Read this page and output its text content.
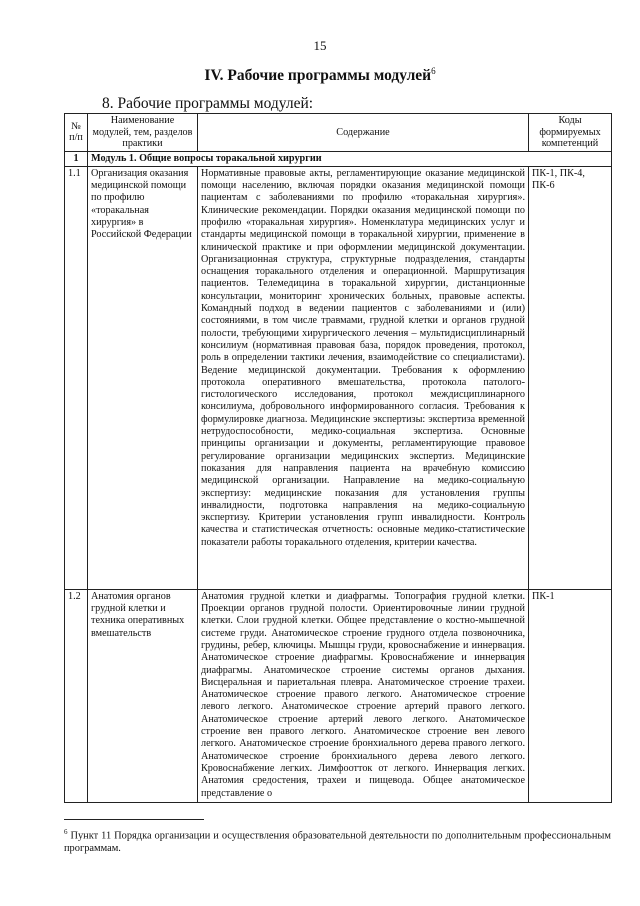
15
IV. Рабочие программы модулей$^6$
8. Рабочие программы модулей:
№ п/п	Наименование модулей, тем, разделов практики	Содержание	Коды формируемых компетенций
1	Модуль 1. Общие вопросы торакальной хирургии		
1.1	Организация оказания медицинской помощи по профилю «торакальная хирургия» в Российской Федерации	Нормативные правовые акты, регламентирующие оказание медицинской помощи населению, включая порядки оказания медицинской помощи пациентам с заболеваниями по профилю «торакальная хирургия». Клинические рекомендации. Порядки оказания медицинской помощи по профилю «торакальная хирургия». Номенклатура медицинских услуг и стандарты медицинской помощи в торакальной хирургии, применение в клинической практике и при оформлении медицинской документации. Организационная структура, структурные подразделения, стандарты оснащения торакального отделения и операционной. Маршрутизация пациентов. Телемедицина в торакальной хирургии, дистанционные консультации, мониторинг хронических больных, правовые аспекты. Командный подход в ведении пациентов с заболеваниями и (или) состояниями, в том числе травмами, грудной клетки и органов грудной полости, требующими хирургического лечения – мультидисциплинарный консилиум (нормативная правовая база, порядок проведения, протокол, роль в определении тактики лечения, взаимодействие со специалистами). Ведение медицинской документации. Требования к оформлению протокола оперативного вмешательства, протокола патолого-гистологического исследования, протокол междисциплинарного консилиума, добровольного информированного согласия. Требования к формулировке диагноза. Медицинские экспертизы: экспертиза временной нетрудоспособности, медико-социальная экспертиза. Основные принципы организации и документы, регламентирующие правовое регулирование организации медицинских экспертиз. Медицинские показания для направления пациента на врачебную комиссию медицинской организации. Направление на медико-социальную экспертизу: медицинские показания для установления группы инвалидности, подготовка направления на медико-социальную экспертизу. Критерии установления групп инвалидности. Контроль качества и статистическая отчетность: основные медико-статистические показатели работы торакального отделения, критерии качества.	ПК-1, ПК-4, ПК-6
1.2	Анатомия органов грудной клетки и техника оперативных вмешательств	Анатомия грудной клетки и диафрагмы. Топография грудной клетки. Проекции органов грудной полости. Ориентировочные линии грудной клетки. Слои грудной клетки. Общее представление о костно-мышечной системе груди. Анатомическое строение грудного отдела позвоночника, грудины, ребер, ключицы. Мышцы груди, кровоснабжение и иннервация. Анатомическое строение диафрагмы. Кровоснабжение и иннервация диафрагмы. Анатомическое строение системы органов дыхания. Висцеральная и париетальная плевра. Анатомическое строение трахеи. Анатомическое строение правого легкого. Анатомическое строение левого легкого. Анатомическое строение артерий правого легкого. Анатомическое строение артерий левого легкого. Анатомическое строение вен правого легкого. Анатомическое строение вен левого легкого. Анатомическое строение бронхиального дерева правого легкого. Анатомическое строение бронхиального дерева левого легкого. Кровоснабжение легких. Лимфоотток от легкого. Иннервация легких. Анатомия средостения, трахеи и пищевода. Общее анатомическое представление о	ПК-1
$^6$ Пункт 11 Порядка организации и осуществления образовательной деятельности по дополнительным профессиональным программам.
